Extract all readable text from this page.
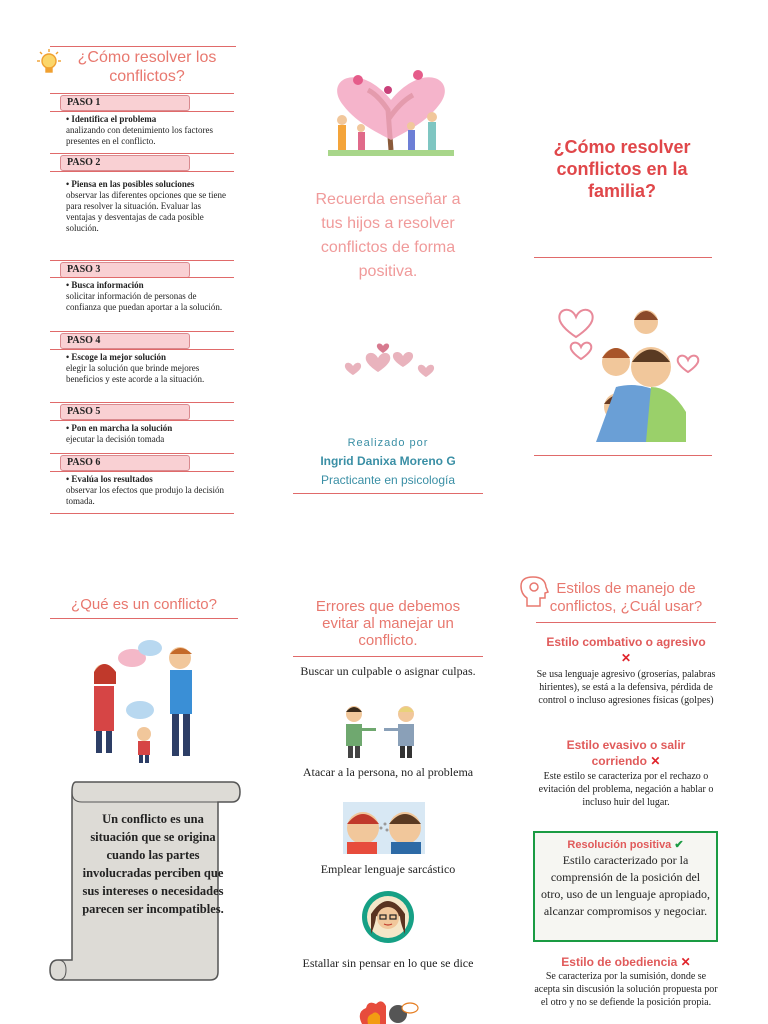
¿Cómo resolver los conflictos?
PASO 1
• Identifica el problema
analizando con detenimiento los factores presentes en el conflicto.
PASO 2
• Piensa en las posibles soluciones
observar las diferentes opciones que se tiene para resolver la situación. Evaluar las ventajas y desventajas de cada posible solución.
PASO 3
• Busca información
solicitar información de personas de confianza que puedan aportar a la solución.
PASO 4
• Escoge la mejor solución
elegir la solución que brinde mejores beneficios y este acorde a la situación.
PASO 5
• Pon en marcha la solución
ejecutar la decisión tomada
PASO 6
• Evalúa los resultados
observar los efectos que produjo la decisión tomada.
Recuerda enseñar a tus hijos a resolver conflictos de forma positiva.
Realizado por
Ingrid Danixa Moreno G
Practicante en psicología
¿Cómo resolver conflictos en la familia?
¿Qué es un conflicto?
Un conflicto es una situación que se origina cuando las partes involucradas perciben que sus intereses o necesidades parecen ser incompatibles.
Errores que debemos evitar al manejar un conflicto.
Buscar un culpable o asignar culpas.
Atacar a la persona, no al problema
Emplear lenguaje sarcástico
Estallar sin pensar en lo que se dice
Estilos de manejo de conflictos, ¿Cuál usar?
Estilo combativo o agresivo ✕
Se usa lenguaje agresivo (groserías, palabras hirientes), se está a la defensiva, pérdida de control o incluso agresiones físicas (golpes)
Estilo evasivo o salir corriendo ✕
Este estilo se caracteriza por el rechazo o evitación del problema, negación a hablar o incluso huir del lugar.
Resolución positiva ✔
Estilo caracterizado por la comprensión de la posición del otro, uso de un lenguaje apropiado, alcanzar compromisos y negociar.
Estilo de obediencia ✕
Se caracteriza por la sumisión, donde se acepta sin discusión la solución propuesta por el otro y no se defiende la posición propia.
